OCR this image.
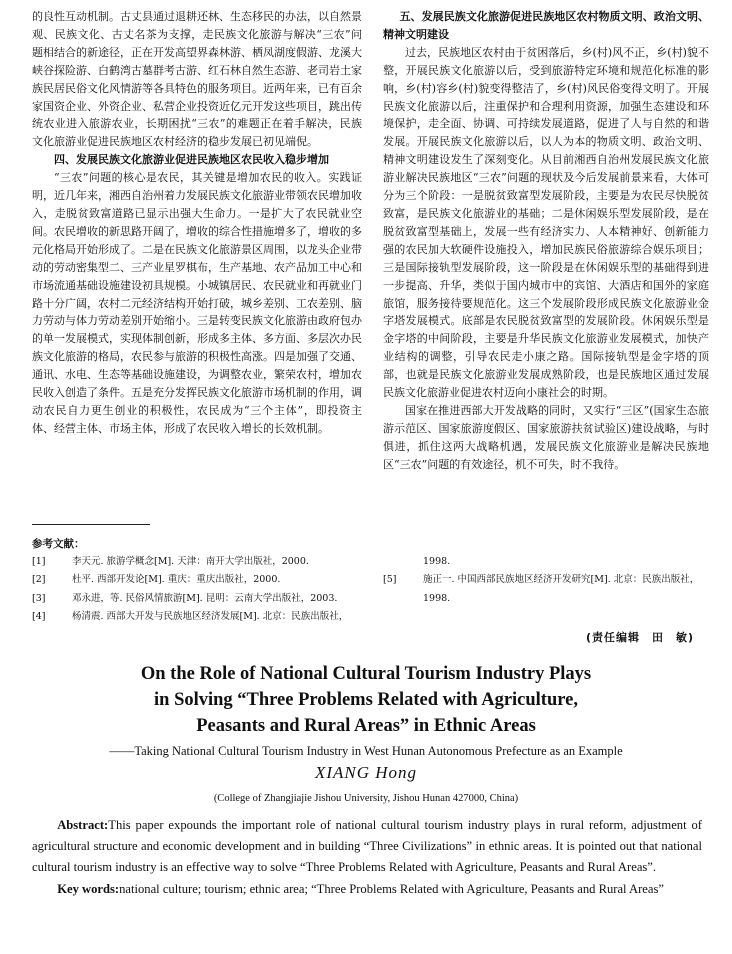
的良性互动机制。古丈县通过退耕还林、生态移民的办法，以自然景观、民族文化、古丈名茶为支撑，走民族文化旅游与解决“三农”问题相结合的新途径，正在开发高望界森林游、栖凤湖度假游、龙溪大峡谷探险游、白鹤湾古墓群考古游、红石林自然生态游、老司岩土家族民居民俗文化风情游等各具特色的服务项目。近两年来，已有百余家国资企业、外资企业、私营企业投资近亿元开发这些项目，跳出传统农业进入旅游农业，长期困扰“三农”的难题正在着手解决，民族文化旅游业促进民族地区农村经济的稳步发展已初见端倪。

四、发展民族文化旅游业促进民族地区农民收入稳步增加

“三农”问题的核心是农民，其关键是增加农民的收入。实践证明，近几年来，湘西自治州着力发展民族文化旅游业带领农民增加收入，走脱贫致富道路已显示出强大生命力。一是扩大了农民就业空间。农民增收的新思路开阔了，增收的综合性措施增多了，增收的多元化格局开始形成了。二是在民族文化旅游景区周围，以龙头企业带动的劳动密集型二、三产业星罗棋布，生产基地、农产品加工中心和市场流通基础设施建设初具规模。小城镇居民、农民就业和再就业门路十分广阔，农村二元经济结构开始打破，城乡差别、工农差别、脑力劳动与体力劳动差别开始缩小。三是转变民族文化旅游由政府包办的单一发展模式，实现体制创新，形成多主体、多方面、多层次办民族文化旅游的格局，农民参与旅游的积极性高涨。四是加强了交通、通讯、水电、生态等基础设施建设，为调整农业，繁荣农村，增加农民收入创造了条件。五是充分发挥民族文化旅游市场机制的作用，调动农民自力更生创业的积极性，农民成为“三个主体”，即投资主体、经营主体、市场主体，形成了农民收入增长的长效机制。

五、发展民族文化旅游促进民族地区农村物质文明、政治文明、精神文明建设

过去，民族地区农村由于贫困落后，乡(村)风不正，乡(村)貌不整，开展民族文化旅游以后，受到旅游特定环境和规范化标准的影响，乡(村)容乡(村)貌变得整洁了，乡(村)风民俗变得文明了。开展民族文化旅游以后，注重保护和合理利用资源，加强生态建设和环境保护，走全面、协调、可持续发展道路，促进了人与自然的和谐发展。开展民族文化旅游以后，以人为本的物质文明、政治文明、精神文明建设发生了深刻变化。从目前湘西自治州发展民族文化旅游业解决民族地区“三农”问题的现状及今后发展前景来看，大体可分为三个阶段：一是脱贫致富型发展阶段，主要是为农民尽快脱贫致富，是民族文化旅游业的基础；二是休闲娱乐型发展阶段，是在脱贫致富型基础上，发展一些有经济实力、人本精神好、创新能力强的农民加大软硬件设施投入，增加民族民俗旅游综合娱乐项目；三是国际接轨型发展阶段，这一阶段是在休闲娱乐型的基础得到进一步提高、升华，类似于国内城市中的宾馆、大酒店和国外的家庭旅馆，服务接待要规范化。这三个发展阶段形成民族文化旅游业金字塔发展模式。底部是农民脱贫致富型的发展阶段。休闲娱乐型是金字塔的中间阶段，主要是升华民族文化旅游业发展模式，加快产业结构的调整，引导农民走小康之路。国际接轨型是金字塔的顶部，也就是民族文化旅游业发展成熟阶段，也是民族地区通过发展民族文化旅游业促进农村迈向小康社会的时期。

国家在推进西部大开发战略的同时，又实行“三区”(国家生态旅游示范区、国家旅游度假区、国家旅游扶贫试验区)建设战略，与时俱进，抓住这两大战略机遇，发展民族文化旅游业是解决民族地区“三农”问题的有效途径，机不可失，时不我待。

参考文献：
[1]	李天元. 旅游学概念[M]. 天津：南开大学出版社，2000.
[2]	杜平. 西部开发论[M]. 重庆：重庆出版社，2000.
[3]	邓永进，等. 民俗风情旅游[M]. 昆明：云南大学出版社，2003.
[4]	杨清震. 西部大开发与民族地区经济发展[M]. 北京：民族出版社，
1998.
[5]	施正一. 中国西部民族地区经济开发研究[M]. 北京：民族出版社，1998.
(责任编辑　田　敏)
On the Role of National Cultural Tourism Industry Plays
in Solving “Three Problems Related with Agriculture,
Peasants and Rural Areas” in Ethnic Areas
——Taking National Cultural Tourism Industry in West Hunan Autonomous Prefecture as an Example
XIANG Hong
(College of Zhangjiajie Jishou University, Jishou Hunan 427000, China)

Abstract:This paper expounds the important role of national cultural tourism industry plays in rural reform, adjustment of agricultural structure and economic development and in building “Three Civilizations” in ethnic areas. It is pointed out that national cultural tourism industry is an effective way to solve “Three Problems Related with Agriculture, Peasants and Rural Areas”.

Key words:national culture; tourism; ethnic area; “Three Problems Related with Agriculture, Peasants and Rural Areas”
